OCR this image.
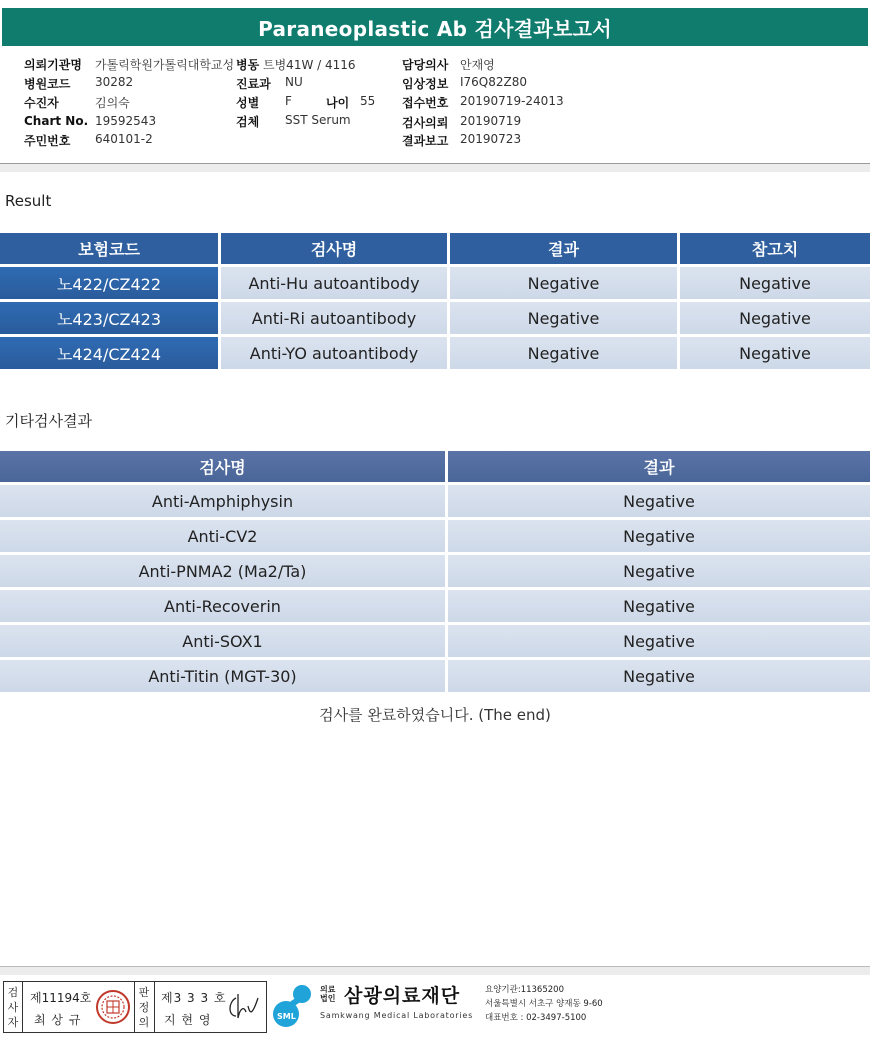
Paraneoplastic Ab 검사결과보고서
의뢰기관명 가톨릭학원가톨릭대학교성 병동 트병41W / 4116	담당의사 안재영
병원코드 30282	진료과 NU	임상정보 I76Q82Z80
수진자	김의숙	성별 F	나이 55 접수번호 20190719-24013
Chart No. 19592543	검체 SST Serum	검사의뢰 20190719
주민번호 640101-2	결과보고 20190723
Result
보험코드	검사명	결과	참고치
노422/CZ422	Anti-Hu autoantibody	Negative	Negative
노423/CZ423	Anti-Ri autoantibody	Negative	Negative
노424/CZ424	Anti-YO autoantibody	Negative	Negative
기타검사결과
검사명	결과
Anti-Amphiphysin	Negative
Anti-CV2	Negative
Anti-PNMA2 (Ma2/Ta)	Negative
Anti-Recoverin	Negative
Anti-SOX1	Negative
Anti-Titin (MGT-30)	Negative
검사를 완료하였습니다. (The end)
검사자
제11194호
최 상 규
판정의
제3 3 3 호
지 현 영	SML
의료법인 삼광의료재단
Samkwang Medical Laboratories
요양기관:11365200
서울특별시 서초구 양재동 9-60
대표번호 : 02-3497-5100
